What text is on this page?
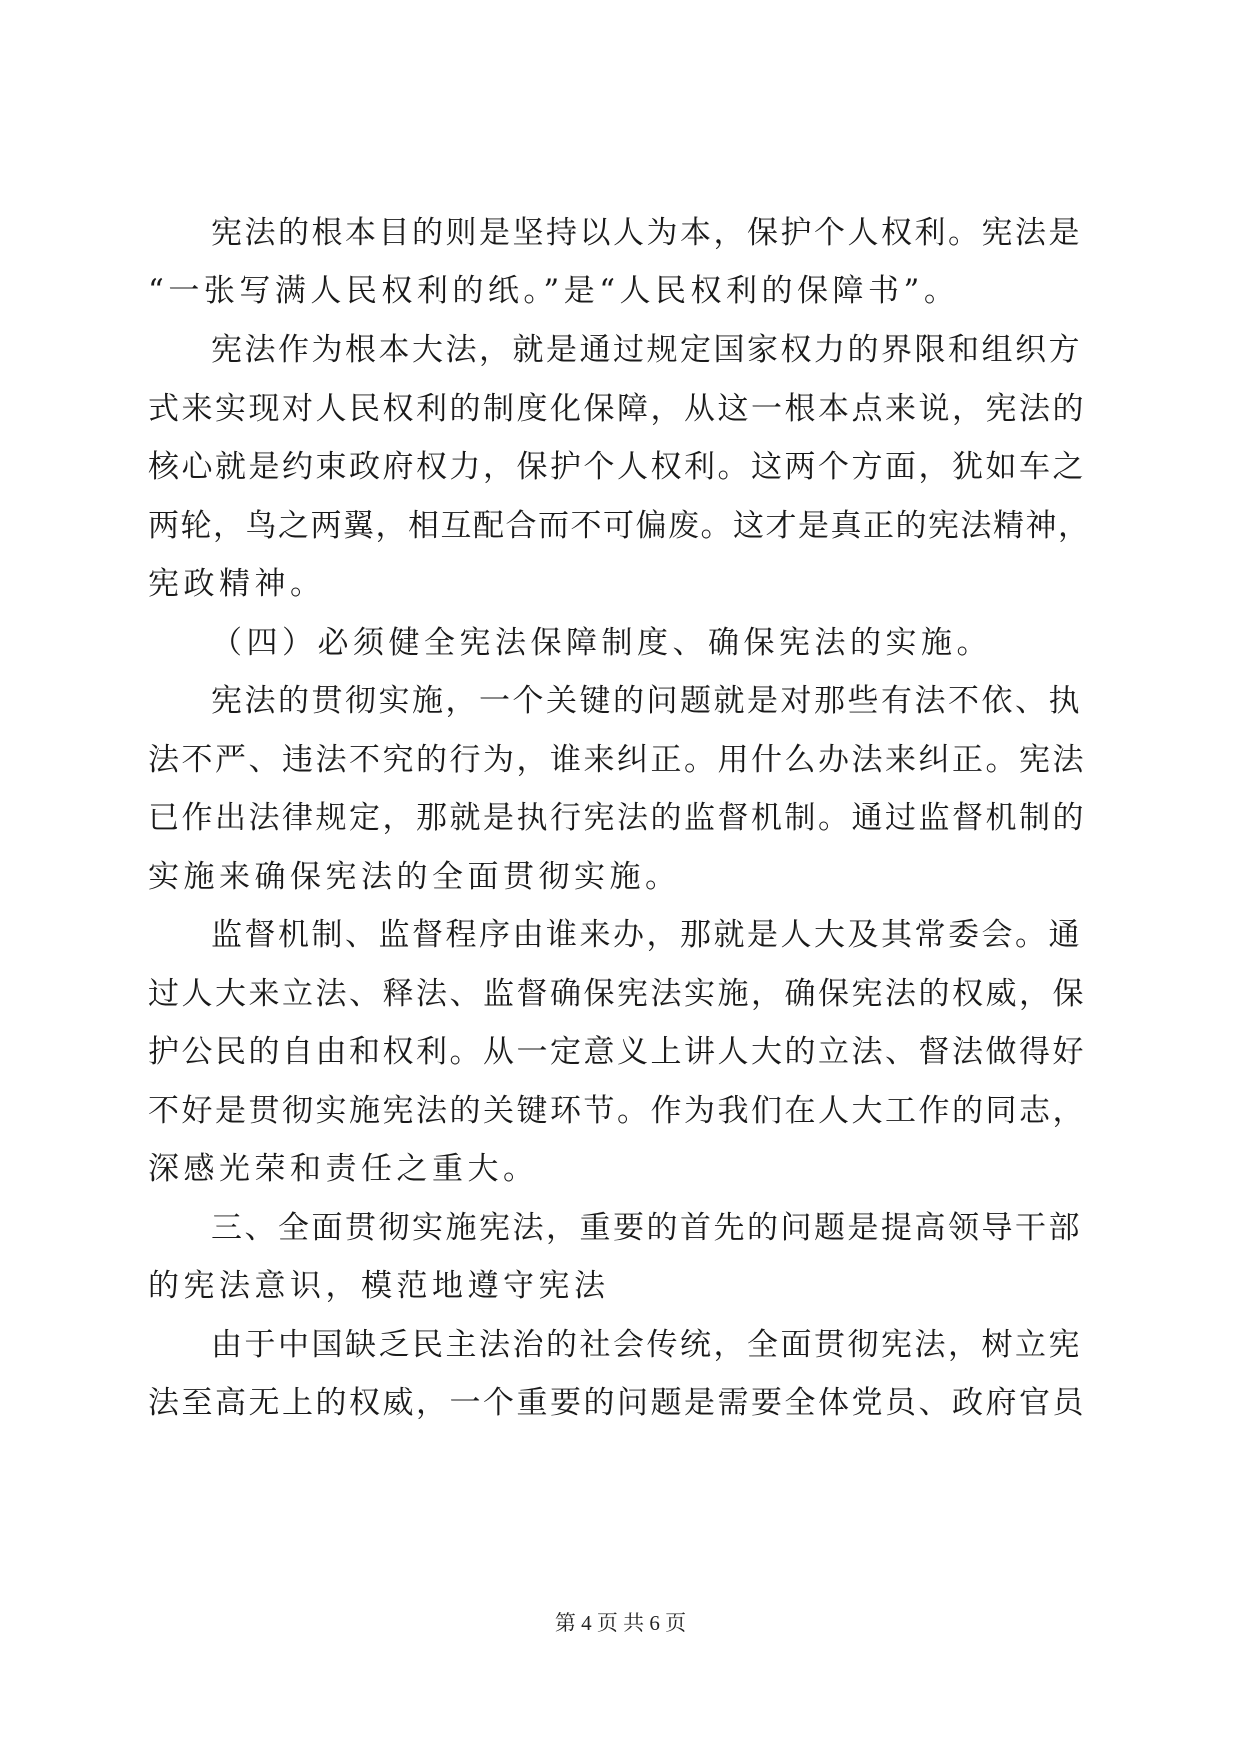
宪法的根本目的则是坚持以人为本，保护个人权利。宪法是
“一张写满人民权利的纸。”是“人民权利的保障书”。
宪法作为根本大法，就是通过规定国家权力的界限和组织方
式来实现对人民权利的制度化保障，从这一根本点来说，宪法的
核心就是约束政府权力，保护个人权利。这两个方面，犹如车之
两轮，鸟之两翼，相互配合而不可偏废。这才是真正的宪法精神，
宪政精神。
（四）必须健全宪法保障制度、确保宪法的实施。
宪法的贯彻实施，一个关键的问题就是对那些有法不依、执
法不严、违法不究的行为，谁来纠正。用什么办法来纠正。宪法
已作出法律规定，那就是执行宪法的监督机制。通过监督机制的
实施来确保宪法的全面贯彻实施。
监督机制、监督程序由谁来办，那就是人大及其常委会。通
过人大来立法、释法、监督确保宪法实施，确保宪法的权威，保
护公民的自由和权利。从一定意义上讲人大的立法、督法做得好
不好是贯彻实施宪法的关键环节。作为我们在人大工作的同志，
深感光荣和责任之重大。
三、全面贯彻实施宪法，重要的首先的问题是提高领导干部
的宪法意识，模范地遵守宪法
由于中国缺乏民主法治的社会传统，全面贯彻宪法，树立宪
法至高无上的权威，一个重要的问题是需要全体党员、政府官员
第 4 页 共 6 页
